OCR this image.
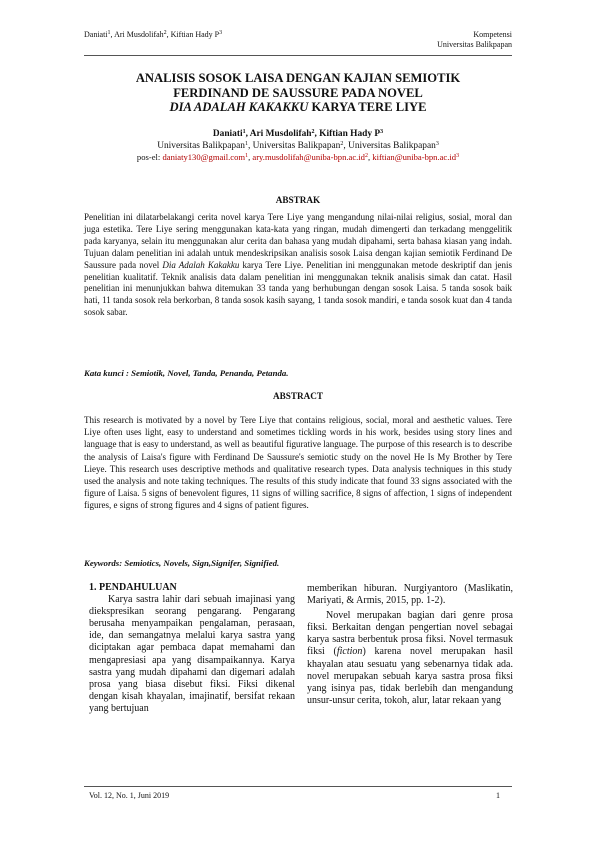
Daniati$^1$, Ari Musdolifah$^2$, Kiftian Hady $P^3$	Kompetensi
Universitas Balikpapan
ANALISIS SOSOK LAISA DENGAN KAJIAN SEMIOTIK
FERDINAND DE SAUSSURE PADA NOVEL
DIA ADALAH KAKAKKU KARYA TERE LIYE
Daniati$^1$, Ari Musdolifah$^2$, Kiftian Hady $P^3$
Universitas Balikpapan$^1$, Universitas Balikpapan$^2$, Universitas Balikpapan$^3$
pos-el: daniaty130@gmail.com$^1$, $ary.musdolifah@uniba-bpn.ac.id^2$, $kiftian@uniba-bpn.ac.id^3$
ABSTRAK
Penelitian ini dilatarbelakangi cerita novel karya Tere Liye yang mengandung nilai-nilai religius, sosial, moral dan juga estetika. Tere Liye sering menggunakan kata-kata yang ringan, mudah dimengerti dan terkadang menggelitik pada karyanya, selain itu menggunakan alur cerita dan bahasa yang mudah dipahami, serta bahasa kiasan yang indah. Tujuan dalam penelitian ini adalah untuk mendeskripsikan analisis sosok Laisa dengan kajian semiotik Ferdinand De Saussure pada novel Dia Adalah Kakakku karya Tere Liye. Penelitian ini menggunakan metode deskriptif dan jenis penelitian kualitatif. Teknik analisis data dalam penelitian ini menggunakan teknik analisis simak dan catat. Hasil penelitian ini menunjukkan bahwa ditemukan 33 tanda yang berhubungan dengan sosok Laisa. 5 tanda sosok baik hati, 11 tanda sosok rela berkorban, 8 tanda sosok kasih sayang, 1 tanda sosok mandiri, e tanda sosok kuat dan 4 tanda sosok sabar.
Kata kunci : Semiotik, Novel, Tanda, Penanda, Petanda.
ABSTRACT
This research is motivated by a novel by Tere Liye that contains religious, social, moral and aesthetic values. Tere Liye often uses light, easy to understand and sometimes tickling words in his work, besides using story lines and language that is easy to understand, as well as beautiful figurative language. The purpose of this research is to describe the analysis of Laisa's figure with Ferdinand De Saussure's semiotic study on the novel He Is My Brother by Tere Lieye. This research uses descriptive methods and qualitative research types. Data analysis techniques in this study used the analysis and note taking techniques. The results of this study indicate that found 33 signs associated with the figure of Laisa. 5 signs of benevolent figures, 11 signs of willing sacrifice, 8 signs of affection, 1 signs of independent figures, e signs of strong figures and 4 signs of patient figures.
Keywords: Semiotics, Novels, Sign,Signifer, Signified.
1. PENDAHULUAN
Karya sastra lahir dari sebuah imajinasi yang diekspresikan seorang pengarang. Pengarang berusaha menyampaikan pengalaman, perasaan, ide, dan semangatnya melalui karya sastra yang diciptakan agar pembaca dapat memahami dan mengapresiasi apa yang disampaikannya. Karya sastra yang mudah dipahami dan digemari adalah prosa yang biasa disebut fiksi. Fiksi dikenal dengan kisah khayalan, imajinatif, bersifat rekaan yang bertujuan
memberikan hiburan. Nurgiyantoro (Maslikatin, Mariyati, & Armis, 2015, pp. 1-2).
Novel merupakan bagian dari genre prosa fiksi. Berkaitan dengan pengertian novel sebagai karya sastra berbentuk prosa fiksi. Novel termasuk fiksi (fiction) karena novel merupakan hasil khayalan atau sesuatu yang sebenarnya tidak ada. novel merupakan sebuah karya sastra prosa fiksi yang isinya pas, tidak berlebih dan mengandung unsur-unsur cerita, tokoh, alur, latar rekaan yang
Vol. 12, No. 1, Juni 2019	1
